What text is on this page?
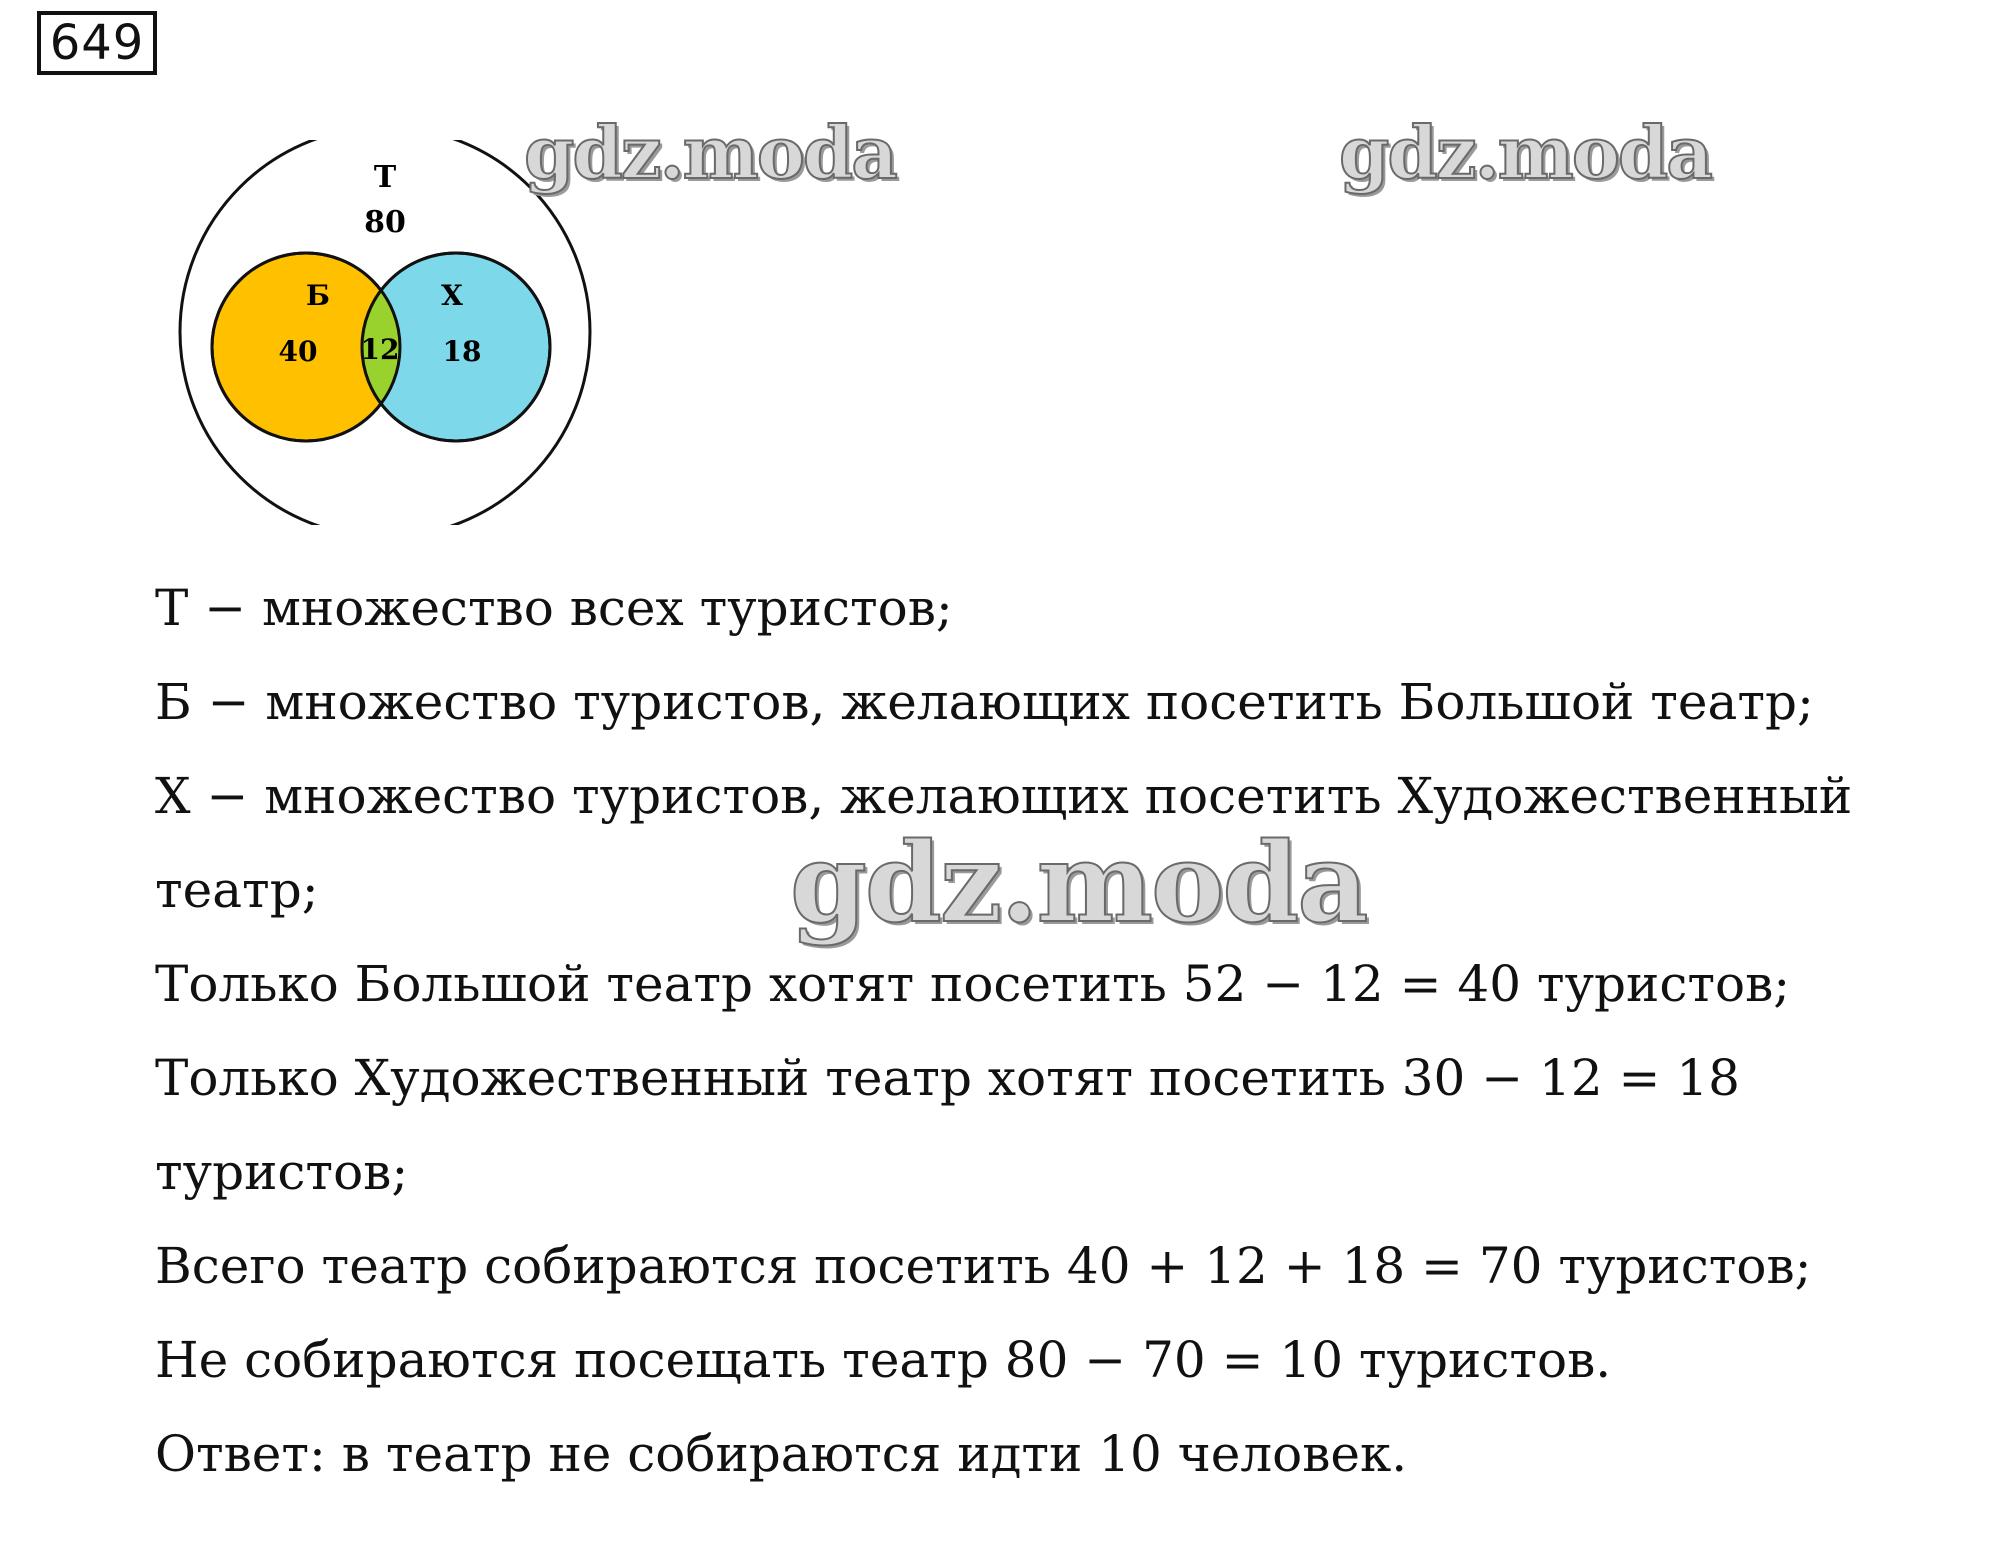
649
Т
80
Б
40 12
Х
18
Т − множество всех туристов;
Б − множество туристов, желающих посетить Большой театр;
Х − множество туристов, желающих посетить Художественный
театр;
Только Большой театр хотят посетить 52 − 12 = 40 туристов;
Только Художественный театр хотят посетить 30 − 12 = 18
туристов;
Всего театр собираются посетить 40 + 12 + 18 = 70 туристов;
Не собираются посещать театр 80 − 70 = 10 туристов.
Ответ: в театр не собираются идти 10 человек.
gdz.moda	gdz.moda
gdz.moda
